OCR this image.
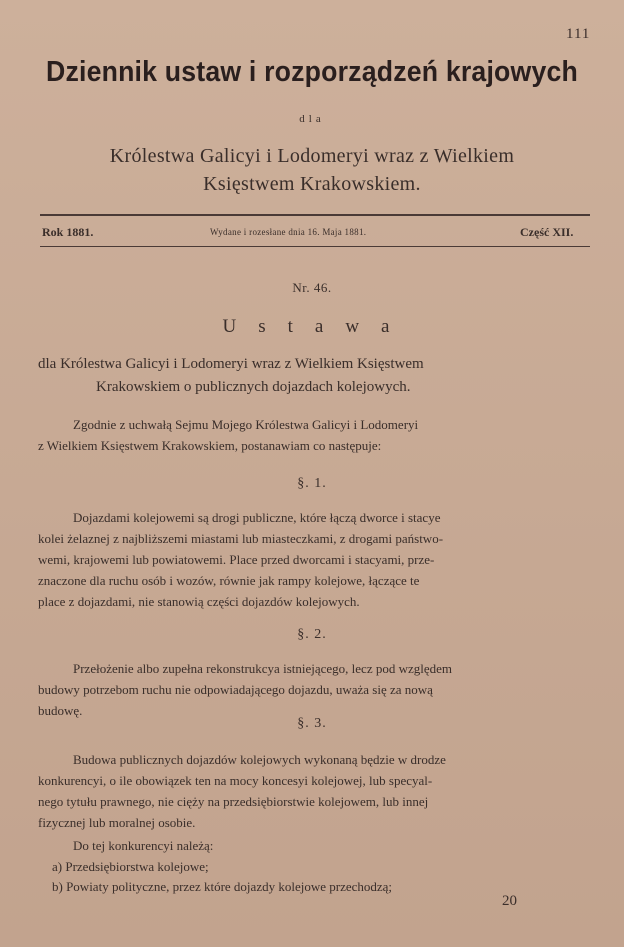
111
Dziennik ustaw i rozporządzeń krajowych
dla
Królestwa Galicyi i Lodomeryi wraz z Wielkiem
Księstwem Krakowskiem.
Rok 1881.	Wydane i rozesłane dnia 16. Maja 1881.	Część XII.
Nr. 46.
Ustawa
dla Królestwa Galicyi i Lodomeryi wraz z Wielkiem Księstwem
Krakowskiem o publicznych dojazdach kolejowych.
Zgodnie z uchwałą Sejmu Mojego Królestwa Galicyi i Lodomeryi
z Wielkiem Księstwem Krakowskiem, postanawiam co następuje:
§. 1.
Dojazdami kolejowemi są drogi publiczne, które łączą dworce i stacye
kolei żelaznej z najbliższemi miastami lub miasteczkami, z drogami państwo-
wemi, krajowemi lub powiatowemi. Place przed dworcami i stacyami, prze-
znaczone dla ruchu osób i wozów, równie jak rampy kolejowe, łączące te
place z dojazdami, nie stanowią części dojazdów kolejowych.
§. 2.
Przełożenie albo zupełna rekonstrukcya istniejącego, lecz pod względem
budowy potrzebom ruchu nie odpowiadającego dojazdu, uważa się za nową
budowę.
§. 3.
Budowa publicznych dojazdów kolejowych wykonaną będzie w drodze
konkurencyi, o ile obowiązek ten na mocy koncesyi kolejowej, lub specyal-
nego tytułu prawnego, nie cięży na przedsiębiorstwie kolejowem, lub innej
fizycznej lub moralnej osobie.
Do tej konkurencyi należą:
a) Przedsiębiorstwa kolejowe;
b) Powiaty polityczne, przez które dojazdy kolejowe przechodzą;
20
